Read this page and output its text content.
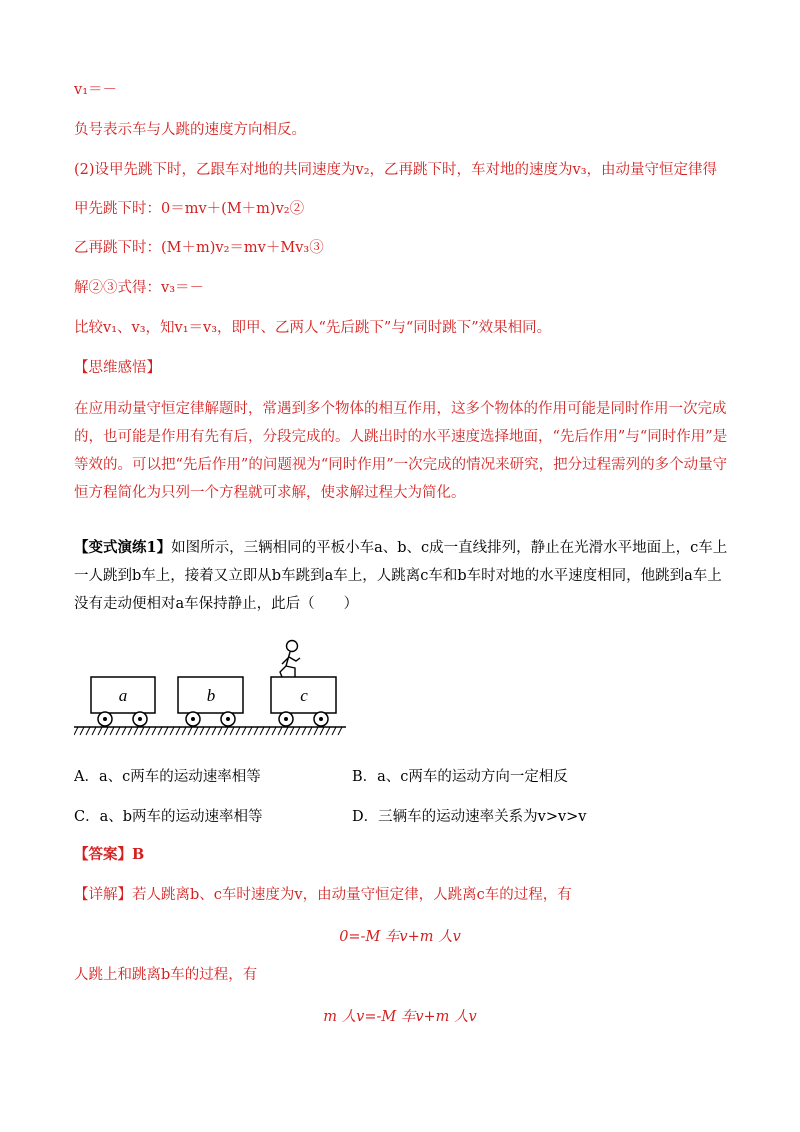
v₁＝－
负号表示车与人跳的速度方向相反。
(2)设甲先跳下时，乙跟车对地的共同速度为v₂，乙再跳下时，车对地的速度为v₃，由动量守恒定律得
甲先跳下时：0＝mv＋(M＋m)v₂②
乙再跳下时：(M＋m)v₂＝mv＋Mv₃③
解②③式得：v₃＝－
比较v₁、v₃，知v₁＝v₃，即甲、乙两人“先后跳下”与“同时跳下”效果相同。
【思维感悟】
在应用动量守恒定律解题时，常遇到多个物体的相互作用，这多个物体的作用可能是同时作用一次完成的，也可能是作用有先有后，分段完成的。人跳出时的水平速度选择地面，“先后作用”与“同时作用”是等效的。可以把“先后作用”的问题视为“同时作用”一次完成的情况来研究，把分过程需列的多个动量守恒方程简化为只列一个方程就可求解，使求解过程大为简化。
【变式演练1】如图所示，三辆相同的平板小车a、b、c成一直线排列，静止在光滑水平地面上，c车上一人跳到b车上，接着又立即从b车跳到a车上，人跳离c车和b车时对地的水平速度相同，他跳到a车上没有走动便相对a车保持静止，此后（　　）
a	b	c
A．a、c两车的运动速率相等	B．a、c两车的运动方向一定相反
C．a、b两车的运动速率相等	D．三辆车的运动速率关系为v>v>v
【答案】B
【详解】若人跳离b、c车时速度为v，由动量守恒定律，人跳离c车的过程，有
0=-M 车v+m 人v
人跳上和跳离b车的过程，有
m 人v=-M 车v+m 人v
